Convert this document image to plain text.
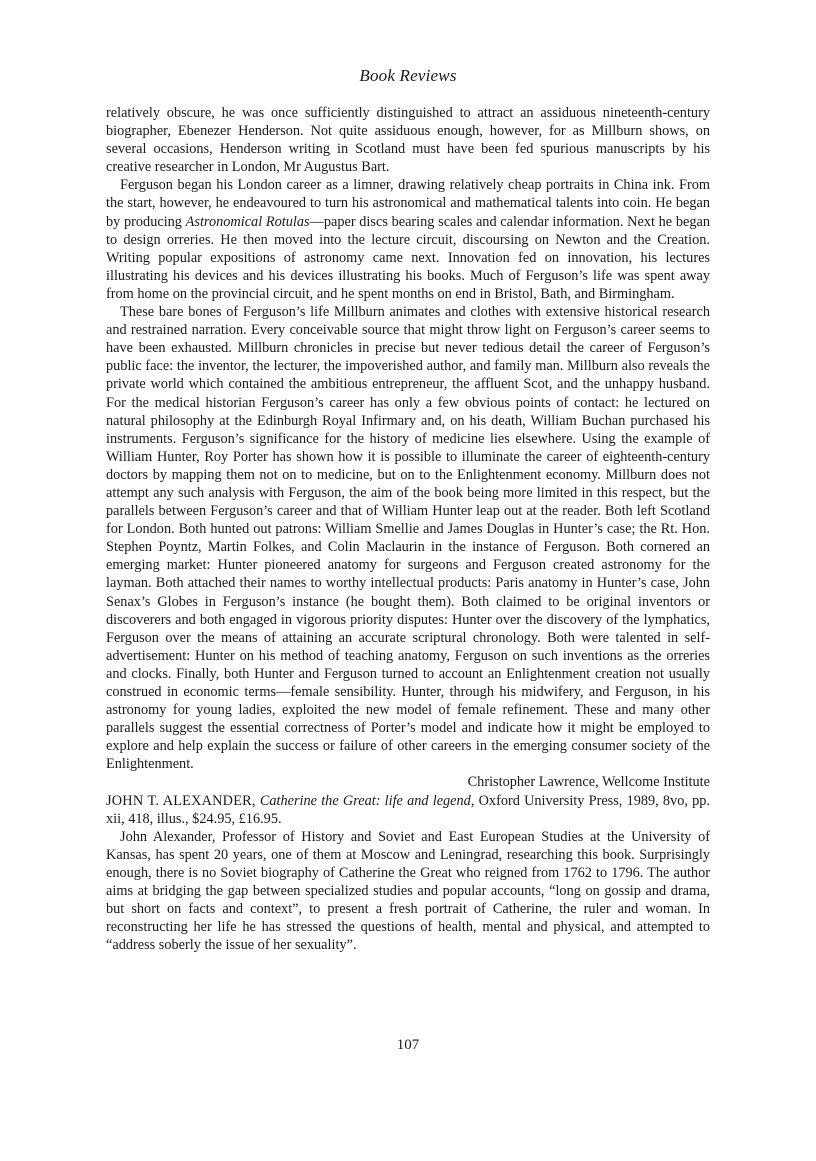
Book Reviews

relatively obscure, he was once sufficiently distinguished to attract an assiduous nineteenth-century biographer, Ebenezer Henderson. Not quite assiduous enough, however, for as Millburn shows, on several occasions, Henderson writing in Scotland must have been fed spurious manuscripts by his creative researcher in London, Mr Augustus Bart.

Ferguson began his London career as a limner, drawing relatively cheap portraits in China ink. From the start, however, he endeavoured to turn his astronomical and mathematical talents into coin. He began by producing Astronomical Rotulas—paper discs bearing scales and calendar information. Next he began to design orreries. He then moved into the lecture circuit, discoursing on Newton and the Creation. Writing popular expositions of astronomy came next. Innovation fed on innovation, his lectures illustrating his devices and his devices illustrating his books. Much of Ferguson’s life was spent away from home on the provincial circuit, and he spent months on end in Bristol, Bath, and Birmingham.

These bare bones of Ferguson’s life Millburn animates and clothes with extensive historical research and restrained narration. Every conceivable source that might throw light on Ferguson’s career seems to have been exhausted. Millburn chronicles in precise but never tedious detail the career of Ferguson’s public face: the inventor, the lecturer, the impoverished author, and family man. Millburn also reveals the private world which contained the ambitious entrepreneur, the affluent Scot, and the unhappy husband. For the medical historian Ferguson’s career has only a few obvious points of contact: he lectured on natural philosophy at the Edinburgh Royal Infirmary and, on his death, William Buchan purchased his instruments. Ferguson’s significance for the history of medicine lies elsewhere. Using the example of William Hunter, Roy Porter has shown how it is possible to illuminate the career of eighteenth-century doctors by mapping them not on to medicine, but on to the Enlightenment economy. Millburn does not attempt any such analysis with Ferguson, the aim of the book being more limited in this respect, but the parallels between Ferguson’s career and that of William Hunter leap out at the reader. Both left Scotland for London. Both hunted out patrons: William Smellie and James Douglas in Hunter’s case; the Rt. Hon. Stephen Poyntz, Martin Folkes, and Colin Maclaurin in the instance of Ferguson. Both cornered an emerging market: Hunter pioneered anatomy for surgeons and Ferguson created astronomy for the layman. Both attached their names to worthy intellectual products: Paris anatomy in Hunter’s case, John Senax’s Globes in Ferguson’s instance (he bought them). Both claimed to be original inventors or discoverers and both engaged in vigorous priority disputes: Hunter over the discovery of the lymphatics, Ferguson over the means of attaining an accurate scriptural chronology. Both were talented in self-advertisement: Hunter on his method of teaching anatomy, Ferguson on such inventions as the orreries and clocks. Finally, both Hunter and Ferguson turned to account an Enlightenment creation not usually construed in economic terms—female sensibility. Hunter, through his midwifery, and Ferguson, in his astronomy for young ladies, exploited the new model of female refinement. These and many other parallels suggest the essential correctness of Porter’s model and indicate how it might be employed to explore and help explain the success or failure of other careers in the emerging consumer society of the Enlightenment.

Christopher Lawrence, Wellcome Institute

JOHN T. ALEXANDER, Catherine the Great: life and legend, Oxford University Press, 1989, 8vo, pp. xii, 418, illus., $24.95, £16.95.

John Alexander, Professor of History and Soviet and East European Studies at the University of Kansas, has spent 20 years, one of them at Moscow and Leningrad, researching this book. Surprisingly enough, there is no Soviet biography of Catherine the Great who reigned from 1762 to 1796. The author aims at bridging the gap between specialized studies and popular accounts, “long on gossip and drama, but short on facts and context”, to present a fresh portrait of Catherine, the ruler and woman. In reconstructing her life he has stressed the questions of health, mental and physical, and attempted to “address soberly the issue of her sexuality”.

107
